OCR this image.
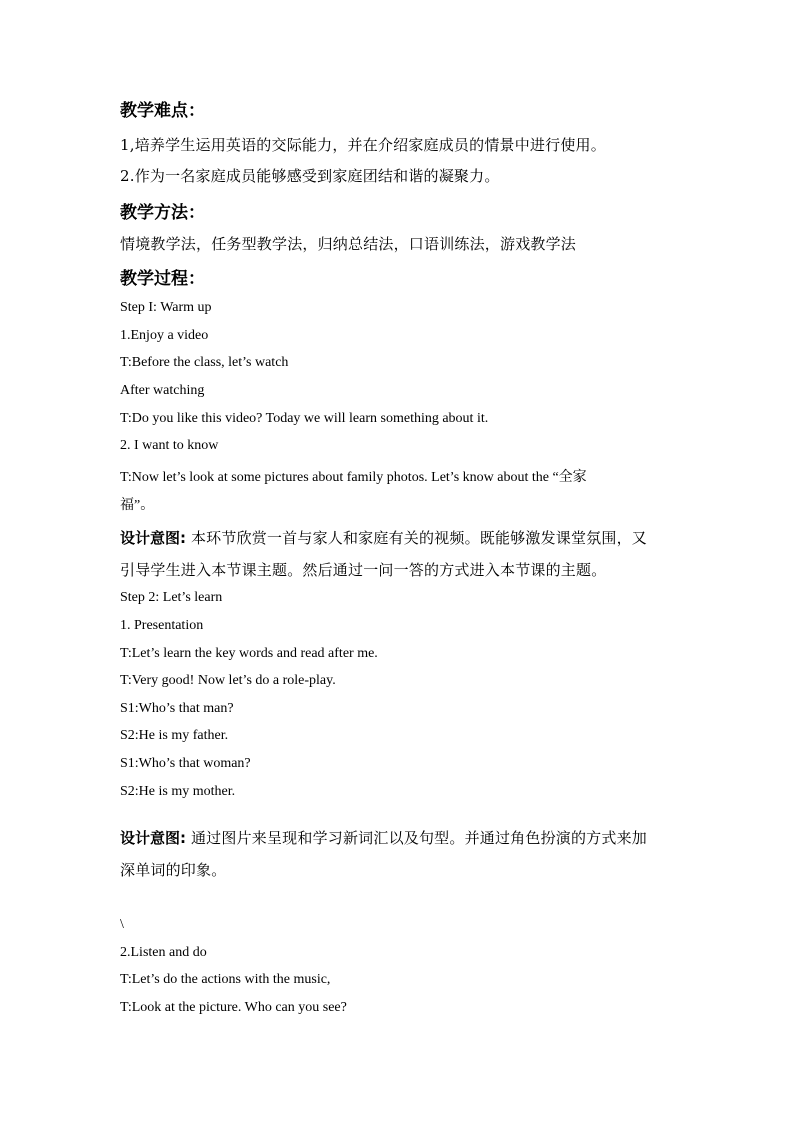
教学难点：
1,培养学生运用英语的交际能力，并在介绍家庭成员的情景中进行使用。
2.作为一名家庭成员能够感受到家庭团结和谐的凝聚力。
教学方法：
情境教学法，任务型教学法，归纳总结法，口语训练法，游戏教学法
教学过程：
Step I: Warm up
1.Enjoy a video
T:Before the class, let’s watch
After watching
T:Do you like this video? Today we will learn something about it.
2. I want to know
T:Now let’s look at some pictures about family photos. Let’s know about the “全家
福”。
设计意图: 本环节欣赏一首与家人和家庭有关的视频。既能够激发课堂氛围，又
引导学生进入本节课主题。然后通过一问一答的方式进入本节课的主题。
Step 2: Let’s learn
1. Presentation
T:Let’s learn the key words and read after me.
T:Very good! Now let’s do a role-play.
S1:Who’s that man?
S2:He is my father.
S1:Who’s that woman?
S2:He is my mother.
设计意图: 通过图片来呈现和学习新词汇以及句型。并通过角色扮演的方式来加
深单词的印象。
\
2.Listen and do
T:Let’s do the actions with the music,
T:Look at the picture. Who can you see?
